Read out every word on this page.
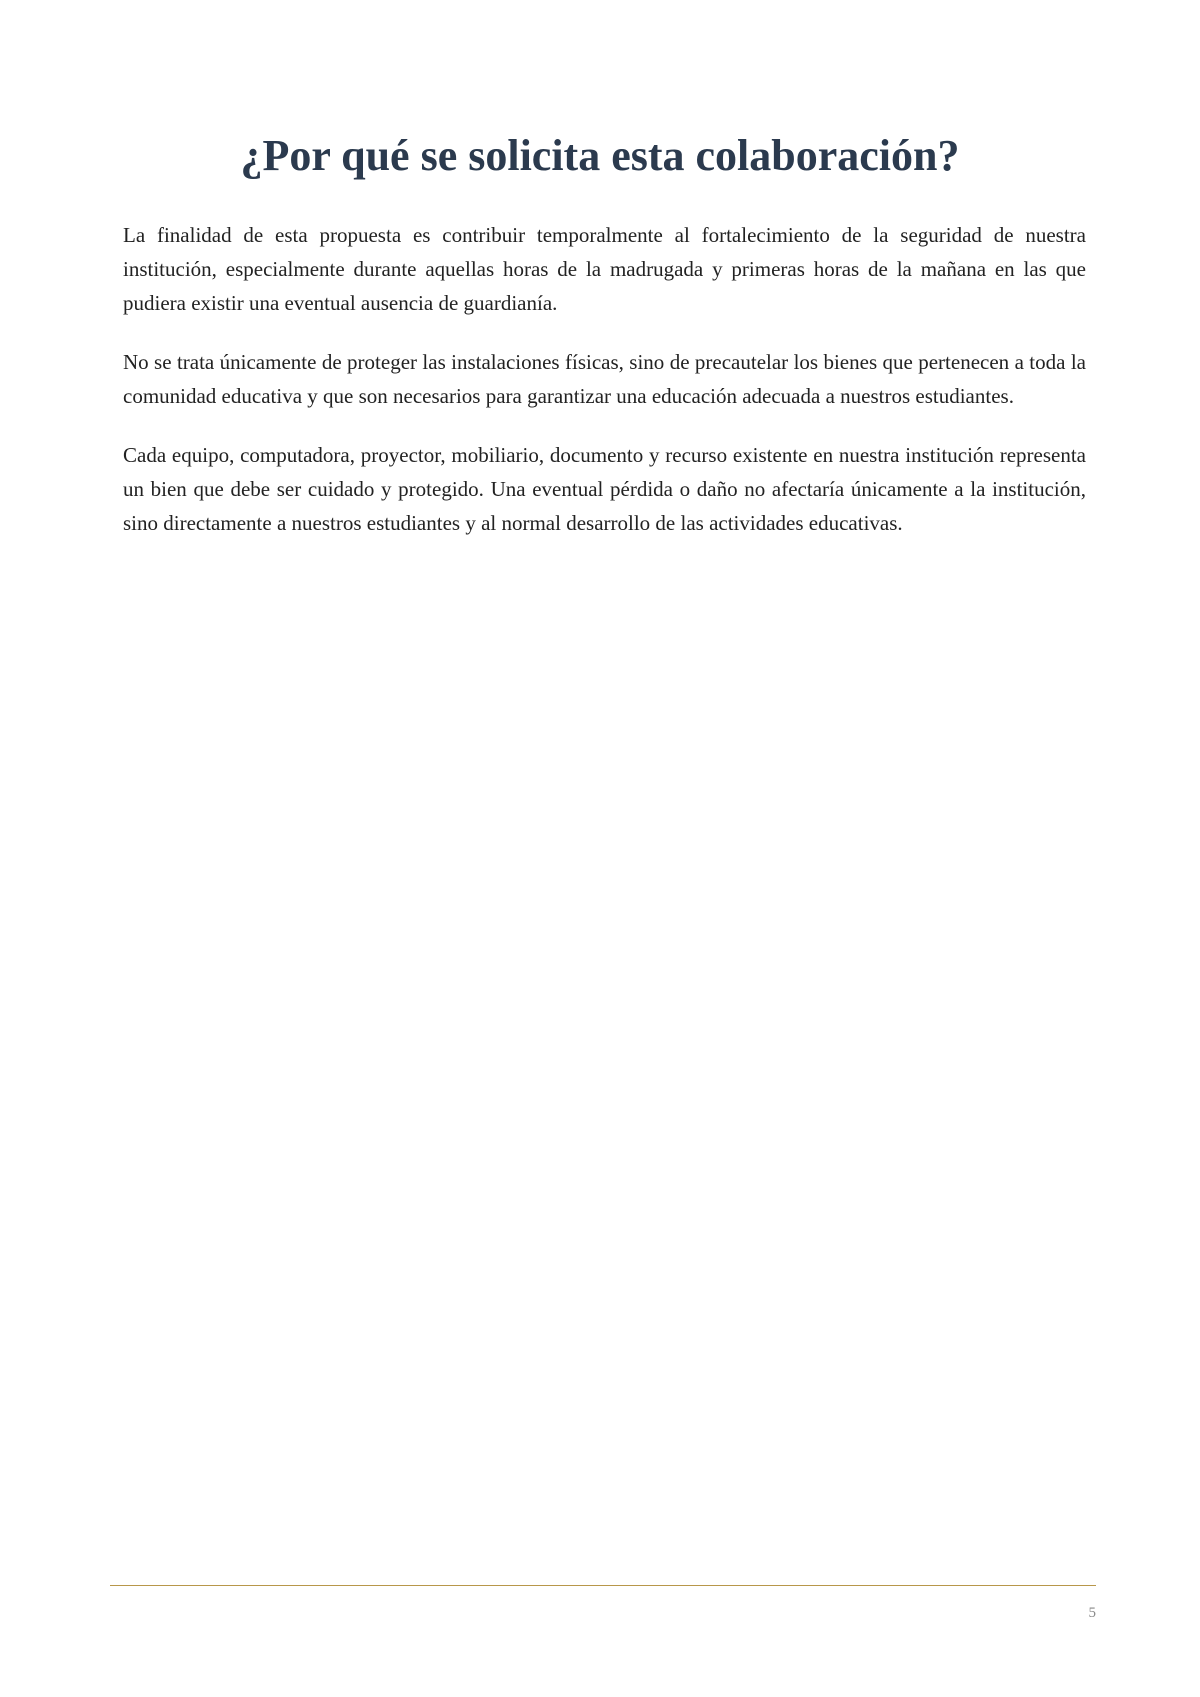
¿Por qué se solicita esta colaboración?

La finalidad de esta propuesta es contribuir temporalmente al fortalecimiento de la seguridad de nuestra institución, especialmente durante aquellas horas de la madrugada y primeras horas de la mañana en las que pudiera existir una eventual ausencia de guardianía.

No se trata únicamente de proteger las instalaciones físicas, sino de precautelar los bienes que pertenecen a toda la comunidad educativa y que son necesarios para garantizar una educación adecuada a nuestros estudiantes.

Cada equipo, computadora, proyector, mobiliario, documento y recurso existente en nuestra institución representa un bien que debe ser cuidado y protegido. Una eventual pérdida o daño no afectaría únicamente a la institución, sino directamente a nuestros estudiantes y al normal desarrollo de las actividades educativas.

5
